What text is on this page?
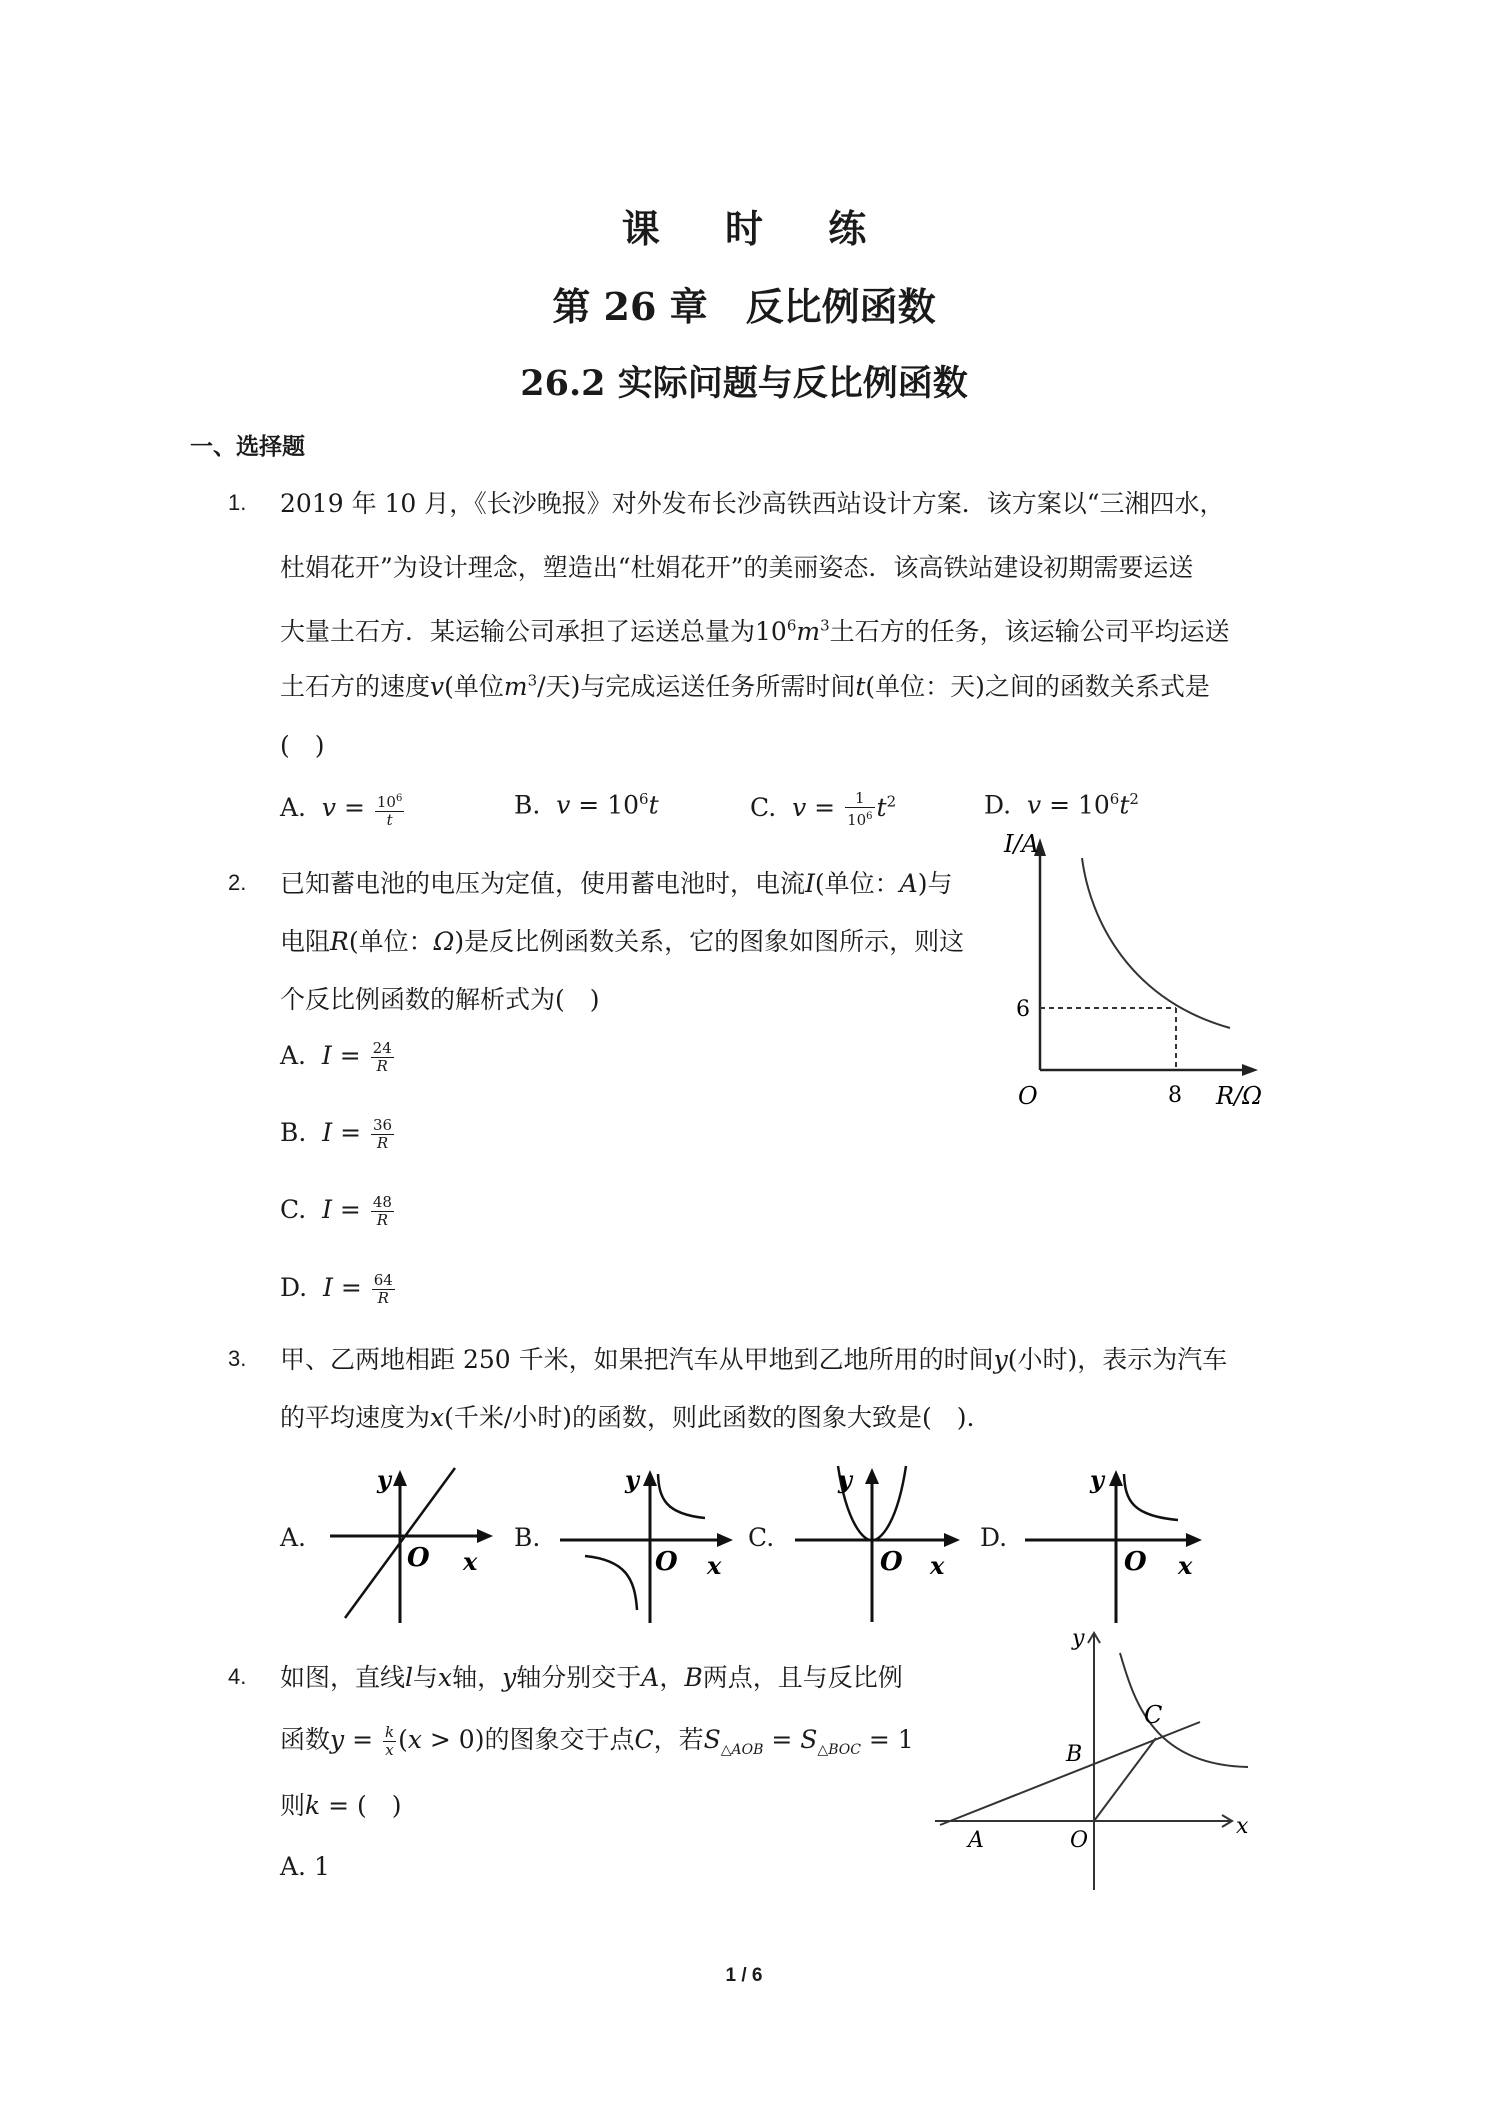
课 时 练
第 26 章　反比例函数
26.2 实际问题与反比例函数
一、选择题
1. 2019 年 10 月，《长沙晚报》对外发布长沙高铁西站设计方案．该方案以“三湘四水，
杜娟花开”为设计理念，塑造出“杜娟花开”的美丽姿态．该高铁站建设初期需要运送
大量土石方．某运输公司承担了运送总量为$10^6m^3$土石方的任务，该运输公司平均运送
土石方的速度v(单位$m^3/$天)与完成运送任务所需时间t(单位：天)之间的函数关系式是
(　)
A. $v = \frac{10^6}{t}$	B. $v = 10^6t$	C. $v = \frac{1}{10^6} t^2$	D. $v = 10^6t^2$
2. 已知蓄电池的电压为定值，使用蓄电池时，电流I(单位：A)与
电阻R(单位：Ω)是反比例函数关系，它的图象如图所示，则这
个反比例函数的解析式为(　)
A. $I = \frac{24}{R}$
B. $I = \frac{36}{R}$
C. $I = \frac{48}{R}$
D. $I = \frac{64}{R}$
I/A
R/Ω
O
6
8
3. 甲、乙两地相距 250 千米，如果把汽车从甲地到乙地所用的时间y(小时)，表示为汽车
的平均速度为x(千米/小时)的函数，则此函数的图象大致是(　)．
A.
y
O x
B.
y
O x
C.
y
O x
D.
y
O x
4. 如图，直线l与x轴，y轴分别交于A，B两点，且与反比例
函数$y = \frac{k}{x} (x > 0)$的图象交于点C，若$S_{\triangle AOB} = S_{\triangle BOC} = 1$
则k = (　)
A. 1
y
x
O
A
B
C
1 / 6
